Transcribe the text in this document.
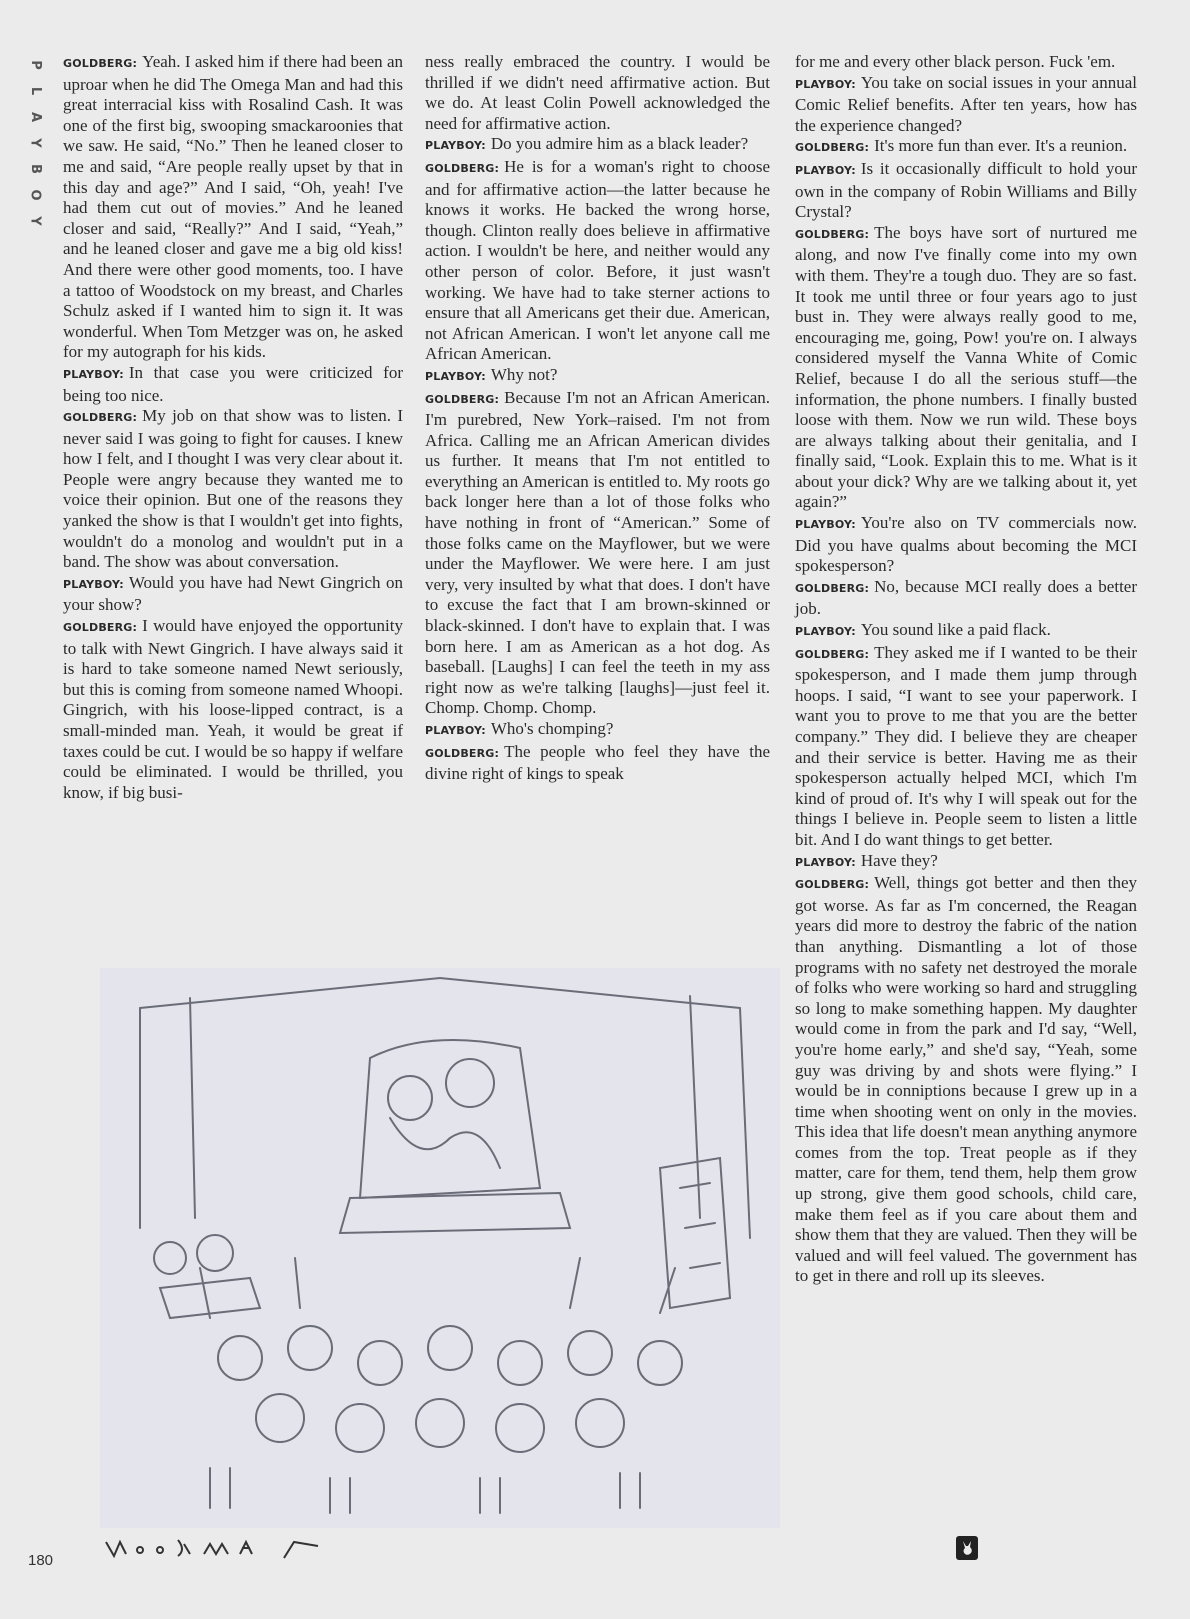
P
L
A
Y
B
O
Y

GOLDBERG: Yeah. I asked him if there had been an uproar when he did The Omega Man and had this great interracial kiss with Rosalind Cash. It was one of the first big, swooping smackaroonies that we saw. He said, “No.” Then he leaned closer to me and said, “Are people really upset by that in this day and age?” And I said, “Oh, yeah! I've had them cut out of movies.” And he leaned closer and said, “Really?” And I said, “Yeah,” and he leaned closer and gave me a big old kiss! And there were other good moments, too. I have a tattoo of Woodstock on my breast, and Charles Schulz asked if I wanted him to sign it. It was wonderful. When Tom Metzger was on, he asked for my autograph for his kids.

PLAYBOY: In that case you were criticized for being too nice.

GOLDBERG: My job on that show was to listen. I never said I was going to fight for causes. I knew how I felt, and I thought I was very clear about it. People were angry because they wanted me to voice their opinion. But one of the reasons they yanked the show is that I wouldn't get into fights, wouldn't do a monolog and wouldn't put in a band. The show was about conversation.

PLAYBOY: Would you have had Newt Gingrich on your show?

GOLDBERG: I would have enjoyed the opportunity to talk with Newt Gingrich. I have always said it is hard to take someone named Newt seriously, but this is coming from someone named Whoopi. Gingrich, with his loose-lipped contract, is a small-minded man. Yeah, it would be great if taxes could be cut. I would be so happy if welfare could be eliminated. I would be thrilled, you know, if big busi-

ness really embraced the country. I would be thrilled if we didn't need affirmative action. But we do. At least Colin Powell acknowledged the need for affirmative action.

PLAYBOY: Do you admire him as a black leader?

GOLDBERG: He is for a woman's right to choose and for affirmative action—the latter because he knows it works. He backed the wrong horse, though. Clinton really does believe in affirmative action. I wouldn't be here, and neither would any other person of color. Before, it just wasn't working. We have had to take sterner actions to ensure that all Americans get their due. American, not African American. I won't let anyone call me African American.

PLAYBOY: Why not?

GOLDBERG: Because I'm not an African American. I'm purebred, New York–raised. I'm not from Africa. Calling me an African American divides us further. It means that I'm not entitled to everything an American is entitled to. My roots go back longer here than a lot of those folks who have nothing in front of “American.” Some of those folks came on the Mayflower, but we were under the Mayflower. We were here. I am just very, very insulted by what that does. I don't have to excuse the fact that I am brown-skinned or black-skinned. I don't have to explain that. I was born here. I am as American as a hot dog. As baseball. [Laughs] I can feel the teeth in my ass right now as we're talking [laughs]—just feel it. Chomp. Chomp. Chomp.

PLAYBOY: Who's chomping?

GOLDBERG: The people who feel they have the divine right of kings to speak

for me and every other black person. Fuck 'em.

PLAYBOY: You take on social issues in your annual Comic Relief benefits. After ten years, how has the experience changed?

GOLDBERG: It's more fun than ever. It's a reunion.

PLAYBOY: Is it occasionally difficult to hold your own in the company of Robin Williams and Billy Crystal?

GOLDBERG: The boys have sort of nurtured me along, and now I've finally come into my own with them. They're a tough duo. They are so fast. It took me until three or four years ago to just bust in. They were always really good to me, encouraging me, going, Pow! you're on. I always considered myself the Vanna White of Comic Relief, because I do all the serious stuff—the information, the phone numbers. I finally busted loose with them. Now we run wild. These boys are always talking about their genitalia, and I finally said, “Look. Explain this to me. What is it about your dick? Why are we talking about it, yet again?”

PLAYBOY: You're also on TV commercials now. Did you have qualms about becoming the MCI spokesperson?

GOLDBERG: No, because MCI really does a better job.

PLAYBOY: You sound like a paid flack.

GOLDBERG: They asked me if I wanted to be their spokesperson, and I made them jump through hoops. I said, “I want to see your paperwork. I want you to prove to me that you are the better company.” They did. I believe they are cheaper and their service is better. Having me as their spokesperson actually helped MCI, which I'm kind of proud of. It's why I will speak out for the things I believe in. People seem to listen a little bit. And I do want things to get better.

PLAYBOY: Have they?

GOLDBERG: Well, things got better and then they got worse. As far as I'm concerned, the Reagan years did more to destroy the fabric of the nation than anything. Dismantling a lot of those programs with no safety net destroyed the morale of folks who were working so hard and struggling so long to make something happen. My daughter would come in from the park and I'd say, “Well, you're home early,” and she'd say, “Yeah, some guy was driving by and shots were flying.” I would be in conniptions because I grew up in a time when shooting went on only in the movies. This idea that life doesn't mean anything anymore comes from the top. Treat people as if they matter, care for them, tend them, help them grow up strong, give them good schools, child care, make them feel as if you care about them and show them that they are valued. Then they will be valued and will feel valued. The government has to get in there and roll up its sleeves.

180
